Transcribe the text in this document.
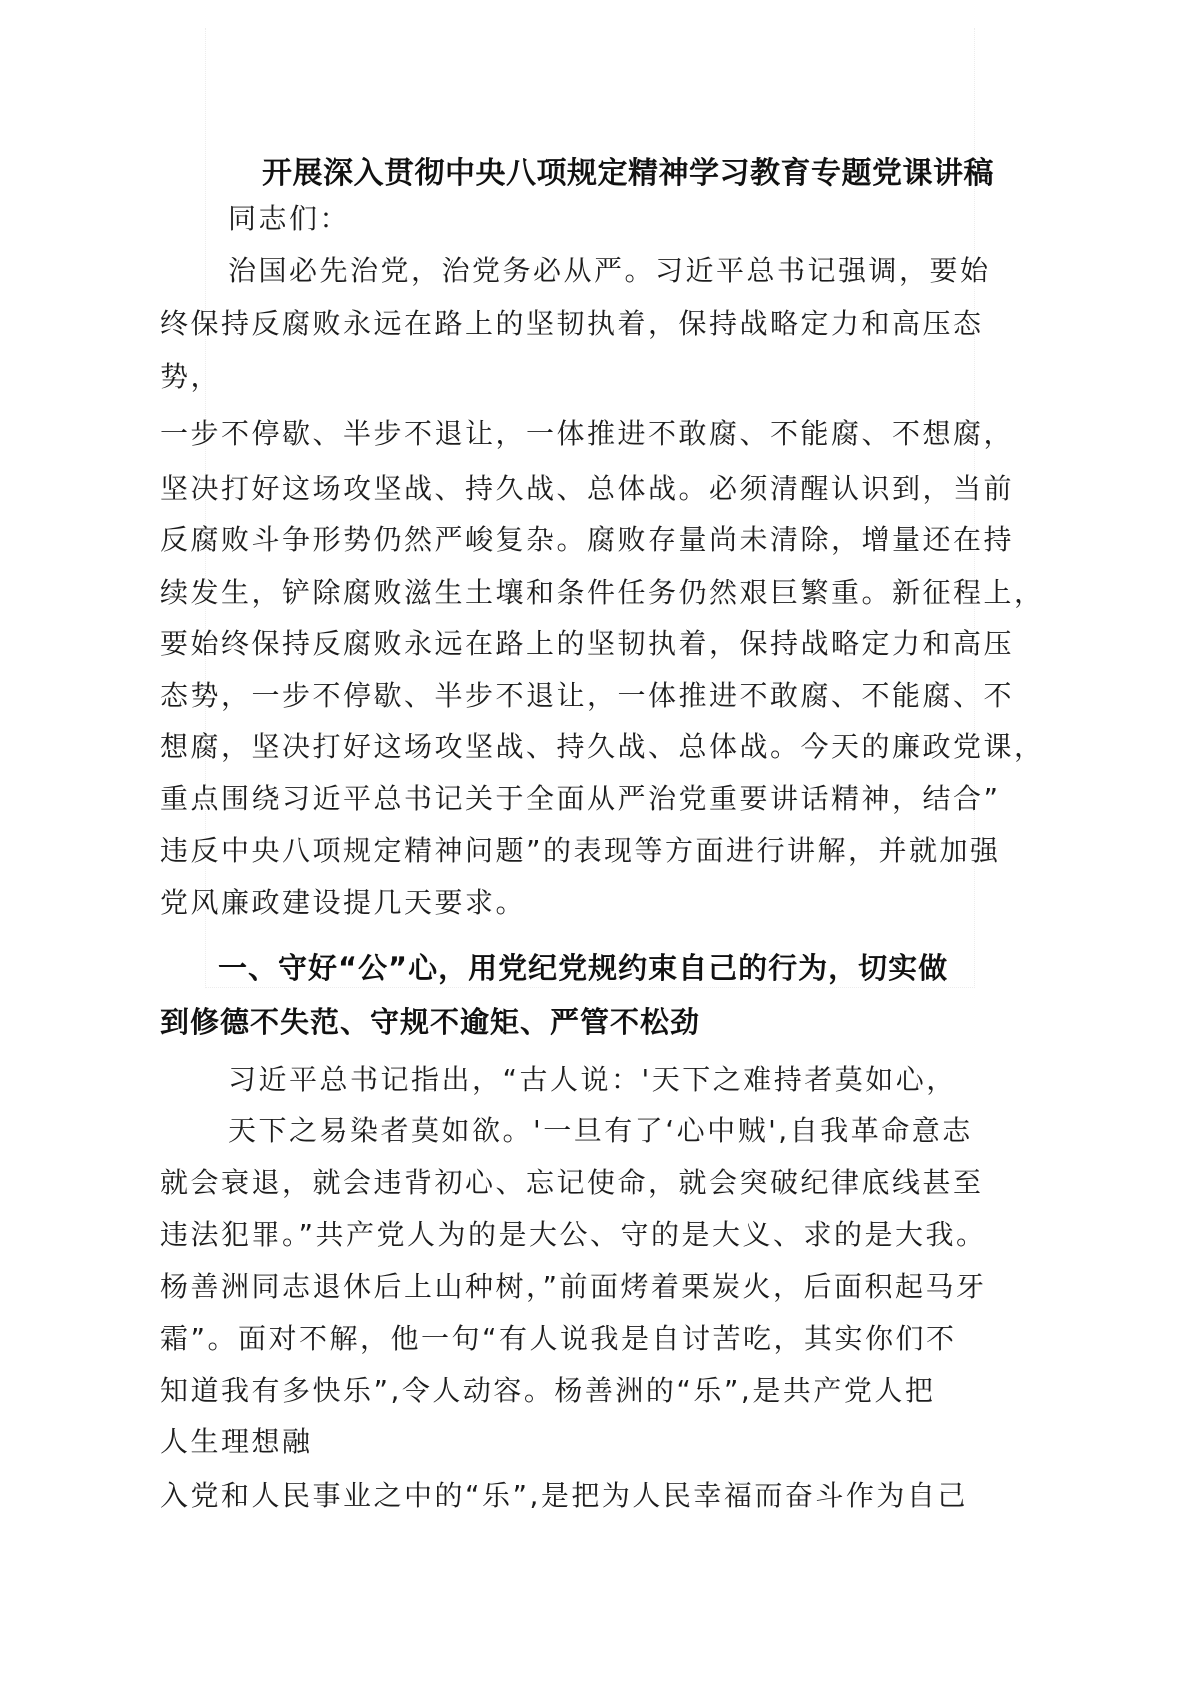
开展深入贯彻中央八项规定精神学习教育专题党课讲稿
同志们：
治国必先治党，治党务必从严。习近平总书记强调，要始
终保持反腐败永远在路上的坚韧执着，保持战略定力和高压态
势，
一步不停歇、半步不退让，一体推进不敢腐、不能腐、不想腐，
坚决打好这场攻坚战、持久战、总体战。必须清醒认识到，当前
反腐败斗争形势仍然严峻复杂。腐败存量尚未清除，增量还在持
续发生，铲除腐败滋生土壤和条件任务仍然艰巨繁重。新征程上，
要始终保持反腐败永远在路上的坚韧执着，保持战略定力和高压
态势，一步不停歇、半步不退让，一体推进不敢腐、不能腐、不
想腐，坚决打好这场攻坚战、持久战、总体战。今天的廉政党课，
重点围绕习近平总书记关于全面从严治党重要讲话精神，结合”
违反中央八项规定精神问题”的表现等方面进行讲解，并就加强
党风廉政建设提几天要求。
一、守好“公”心，用党纪党规约束自己的行为，切实做
到修德不失范、守规不逾矩、严管不松劲
习近平总书记指出，“古人说：'天下之难持者莫如心，
天下之易染者莫如欲。'一旦有了‘心中贼',自我革命意志
就会衰退，就会违背初心、忘记使命，就会突破纪律底线甚至
违法犯罪。”共产党人为的是大公、守的是大义、求的是大我。
杨善洲同志退休后上山种树，”前面烤着栗炭火，后面积起马牙
霜”。面对不解，他一句“有人说我是自讨苦吃，其实你们不
知道我有多快乐”,令人动容。杨善洲的“乐”,是共产党人把
人生理想融
入党和人民事业之中的“乐”,是把为人民幸福而奋斗作为自己
